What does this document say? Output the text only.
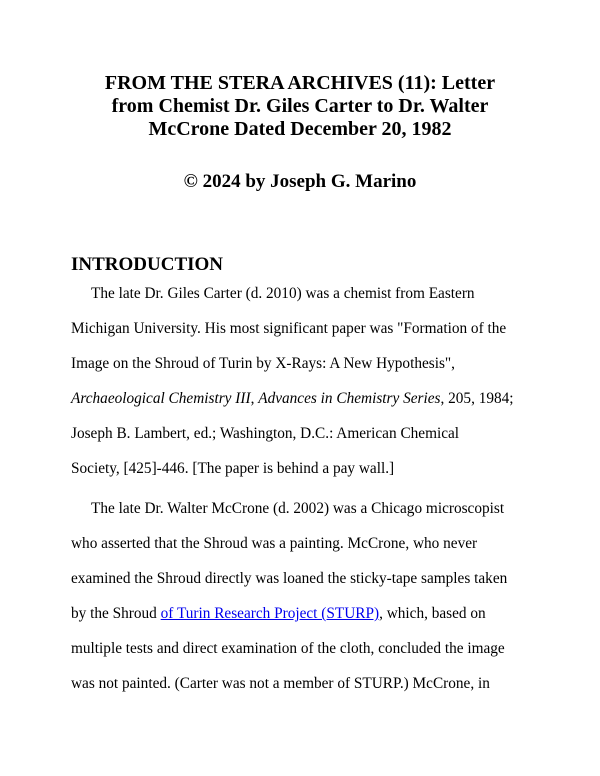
FROM THE STERA ARCHIVES (11): Letter
from Chemist Dr. Giles Carter to Dr. Walter
McCrone Dated December 20, 1982
© 2024 by Joseph G. Marino
INTRODUCTION
The late Dr. Giles Carter (d. 2010) was a chemist from Eastern
Michigan University. His most significant paper was "Formation of the
Image on the Shroud of Turin by X-Rays: A New Hypothesis",
Archaeological Chemistry III, Advances in Chemistry Series, 205, 1984;
Joseph B. Lambert, ed.; Washington, D.C.: American Chemical
Society, [425]-446. [The paper is behind a pay wall.]
The late Dr. Walter McCrone (d. 2002) was a Chicago microscopist
who asserted that the Shroud was a painting. McCrone, who never
examined the Shroud directly was loaned the sticky-tape samples taken
by the Shroud of Turin Research Project (STURP), which, based on
multiple tests and direct examination of the cloth, concluded the image
was not painted. (Carter was not a member of STURP.) McCrone, in
